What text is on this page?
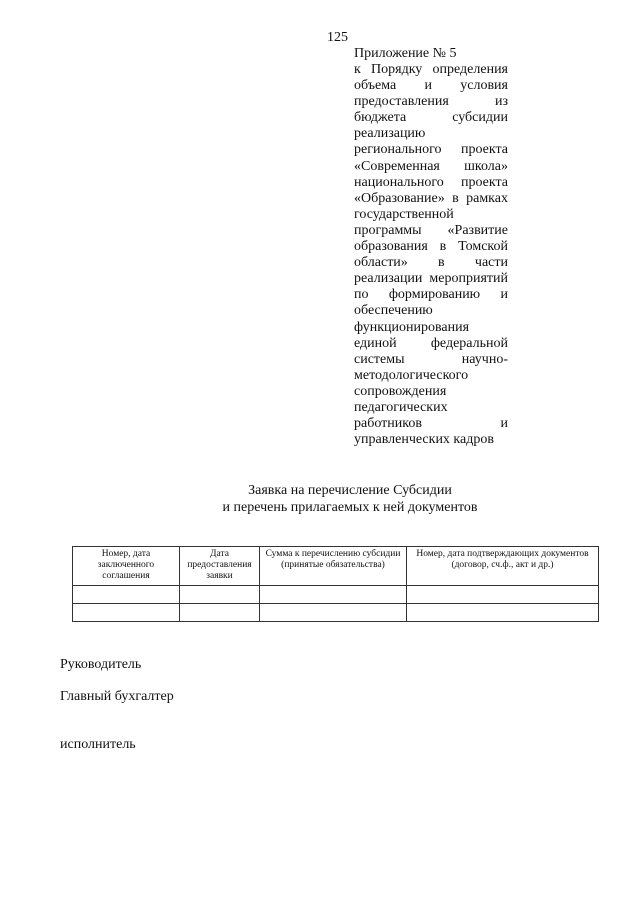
125
Приложение № 5
к Порядку определения объема и условия предоставления из бюджета субсидии реализацию регионального проекта «Современная школа» национального проекта «Образование» в рамках государственной программы «Развитие образования в Томской области» в части реализации мероприятий по формированию и обеспечению функционирования единой федеральной системы научно-методологического сопровождения педагогических работников и управленческих кадров
Заявка на перечисление Субсидии
и перечень прилагаемых к ней документов
Номер, дата заключенного соглашения	Дата предоставления заявки	Сумма к перечислению субсидии (принятые обязательства)	Номер, дата подтверждающих документов (договор, сч.ф., акт и др.)

Руководитель
Главный бухгалтер
исполнитель
